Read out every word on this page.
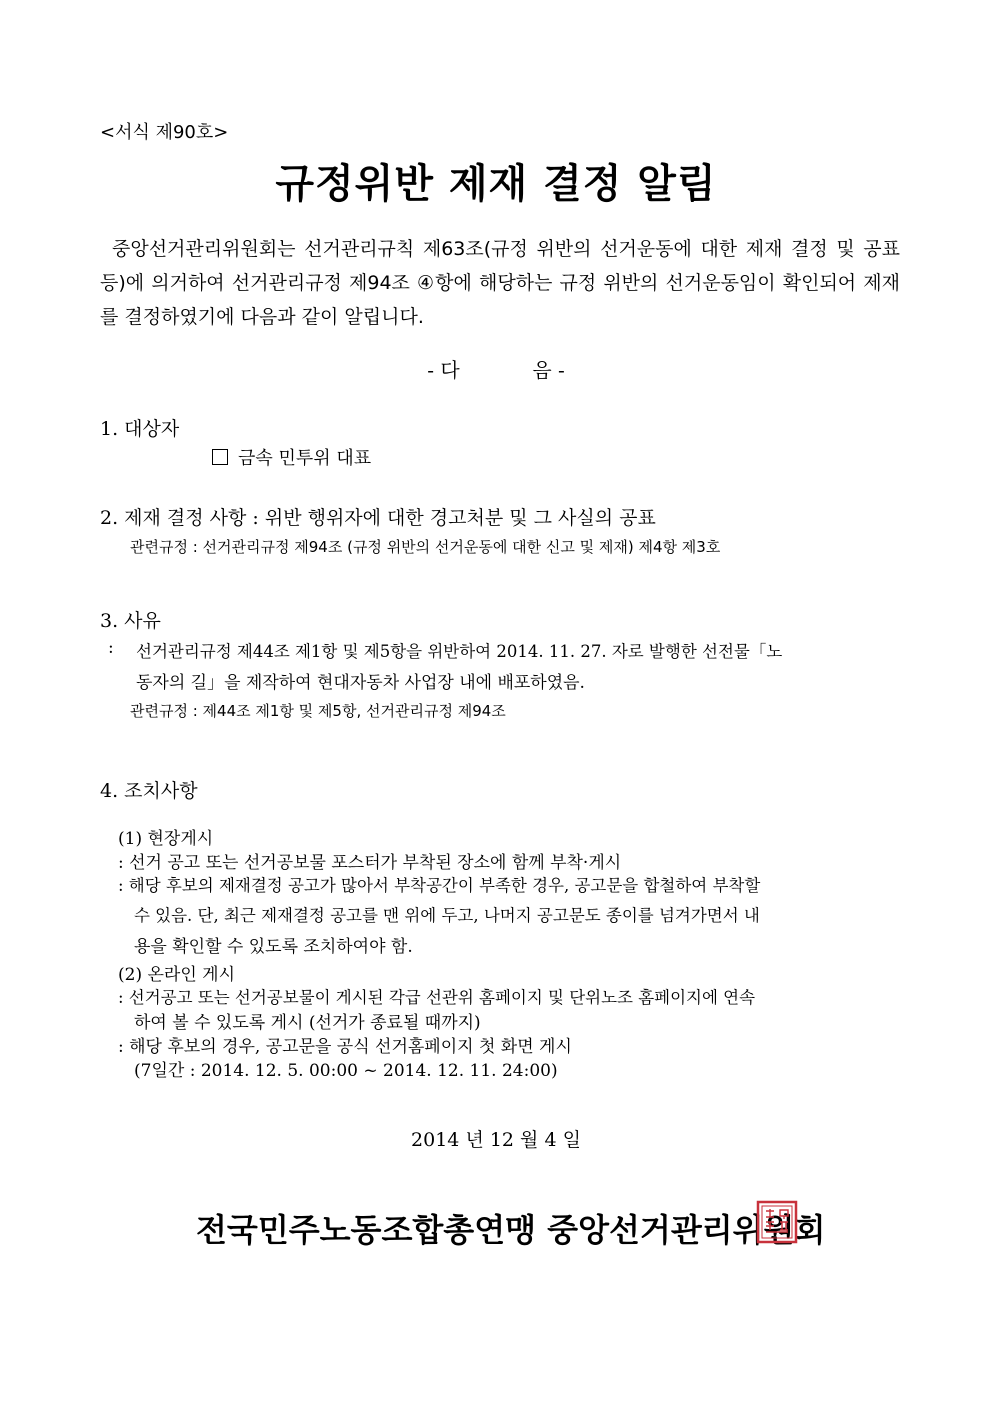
<서식 제90호>
규정위반 제재 결정 알림
중앙선거관리위원회는 선거관리규칙 제63조(규정 위반의 선거운동에 대한 제재 결정 및 공표 등)에 의거하여 선거관리규정 제94조 ④항에 해당하는 규정 위반의 선거운동임이 확인되어 제재를 결정하였기에 다음과 같이 알립니다.
- 다	음 -
1. 대상자
금속 민투위 대표
2. 제재 결정 사항 : 위반 행위자에 대한 경고처분 및 그 사실의 공표
관련규정 : 선거관리규정 제94조 (규정 위반의 선거운동에 대한 신고 및 제재) 제4항 제3호
3. 사유
: 선거관리규정 제44조 제1항 및 제5항을 위반하여 2014. 11. 27. 자로 발행한 선전물「노
동자의 길」을 제작하여 현대자동차 사업장 내에 배포하였음.
관련규정 : 제44조 제1항 및 제5항, 선거관리규정 제94조
4. 조치사항
(1) 현장게시
: 선거 공고 또는 선거공보물 포스터가 부착된 장소에 함께 부착·게시
: 해당 후보의 제재결정 공고가 많아서 부착공간이 부족한 경우, 공고문을 합철하여 부착할
수 있음. 단, 최근 제재결정 공고를 맨 위에 두고, 나머지 공고문도 종이를 넘겨가면서 내
용을 확인할 수 있도록 조치하여야 함.
(2) 온라인 게시
: 선거공고 또는 선거공보물이 게시된 각급 선관위 홈페이지 및 단위노조 홈페이지에 연속
하여 볼 수 있도록 게시 (선거가 종료될 때까지)
: 해당 후보의 경우, 공고문을 공식 선거홈페이지 첫 화면 게시
(7일간 : 2014. 12. 5. 00:00 ~ 2014. 12. 11. 24:00)
2014 년 12 월 4 일
전국민주노동조합총연맹 중앙선거관리위원회
